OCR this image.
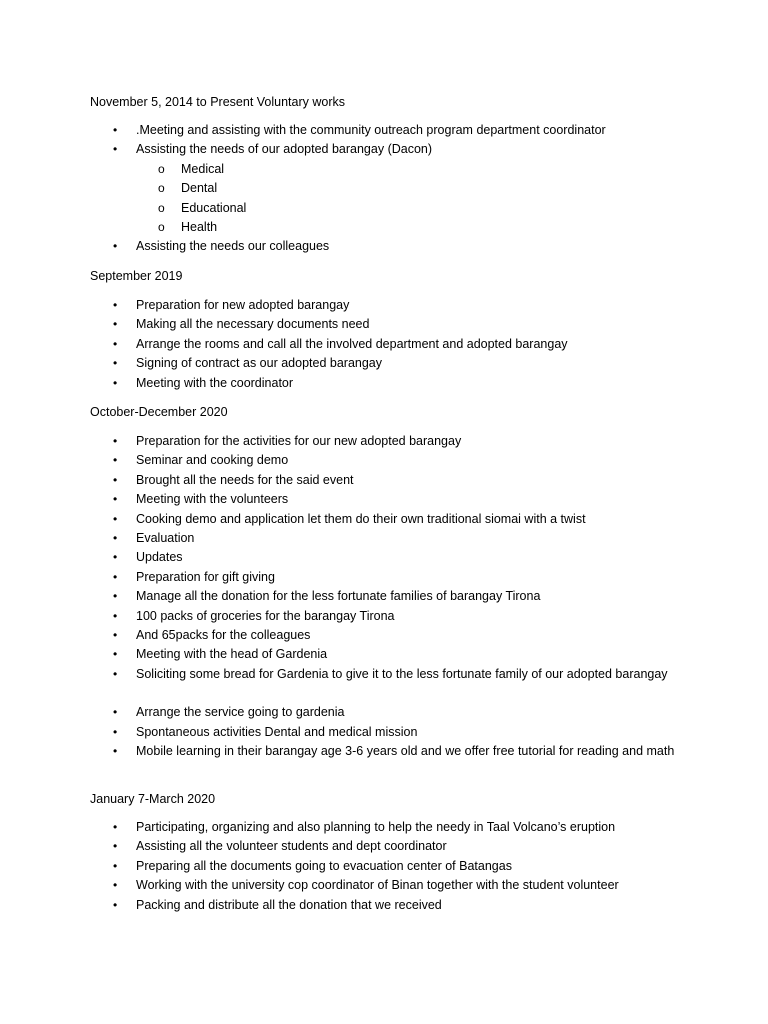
November 5, 2014 to Present Voluntary works

• .Meeting and assisting with the community outreach program department coordinator
• Assisting the needs of our adopted barangay (Dacon)
o Medical
o Dental
o Educational
o Health
• Assisting the needs our colleagues

September 2019

• Preparation for new adopted barangay
• Making all the necessary documents need
• Arrange the rooms and call all the involved department and adopted barangay
• Signing of contract as our adopted barangay
• Meeting with the coordinator

October-December 2020

• Preparation for the activities for our new adopted barangay
• Seminar and cooking demo
• Brought all the needs for the said event
• Meeting with the volunteers
• Cooking demo and application let them do their own traditional siomai with a twist
• Evaluation
• Updates
• Preparation for gift giving
• Manage all the donation for the less fortunate families of barangay Tirona
• 100 packs of groceries for the barangay Tirona
• And 65packs for the colleagues
• Meeting with the head of Gardenia
• Soliciting some bread for Gardenia to give it to the less fortunate family of our adopted barangay
• Arrange the service going to gardenia
• Spontaneous activities Dental and medical mission
• Mobile learning in their barangay age 3-6 years old and we offer free tutorial for reading and math

January 7-March 2020

• Participating, organizing and also planning to help the needy in Taal Volcano’s eruption
• Assisting all the volunteer students and dept coordinator
• Preparing all the documents going to evacuation center of Batangas
• Working with the university cop coordinator of Binan together with the student volunteer
• Packing and distribute all the donation that we received
